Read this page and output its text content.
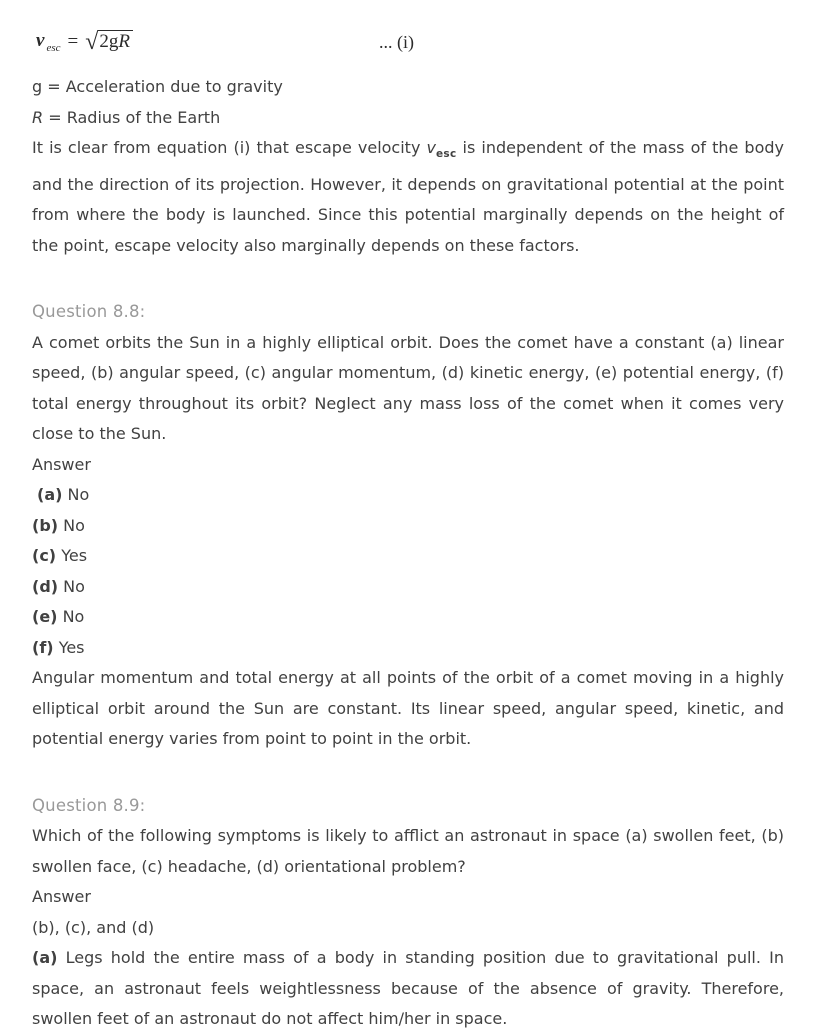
v $_{esc}$ = √ 2gR	... (i)
g = Acceleration due to gravity
R = Radius of the Earth

It is clear from equation (i) that escape velocity $v_{esc}$ is independent of the mass of the body and the direction of its projection. However, it depends on gravitational potential at the point from where the body is launched. Since this potential marginally depends on the height of the point, escape velocity also marginally depends on these factors.

Question 8.8:

A comet orbits the Sun in a highly elliptical orbit. Does the comet have a constant (a) linear speed, (b) angular speed, (c) angular momentum, (d) kinetic energy, (e) potential energy, (f) total energy throughout its orbit? Neglect any mass loss of the comet when it comes very close to the Sun.

Answer
(a) No
(b) No
(c) Yes
(d) No
(e) No
(f) Yes

Angular momentum and total energy at all points of the orbit of a comet moving in a highly elliptical orbit around the Sun are constant. Its linear speed, angular speed, kinetic, and potential energy varies from point to point in the orbit.

Question 8.9:

Which of the following symptoms is likely to afflict an astronaut in space (a) swollen feet, (b) swollen face, (c) headache, (d) orientational problem?

Answer
(b), (c), and (d)

(a) Legs hold the entire mass of a body in standing position due to gravitational pull. In space, an astronaut feels weightlessness because of the absence of gravity. Therefore, swollen feet of an astronaut do not affect him/her in space.
